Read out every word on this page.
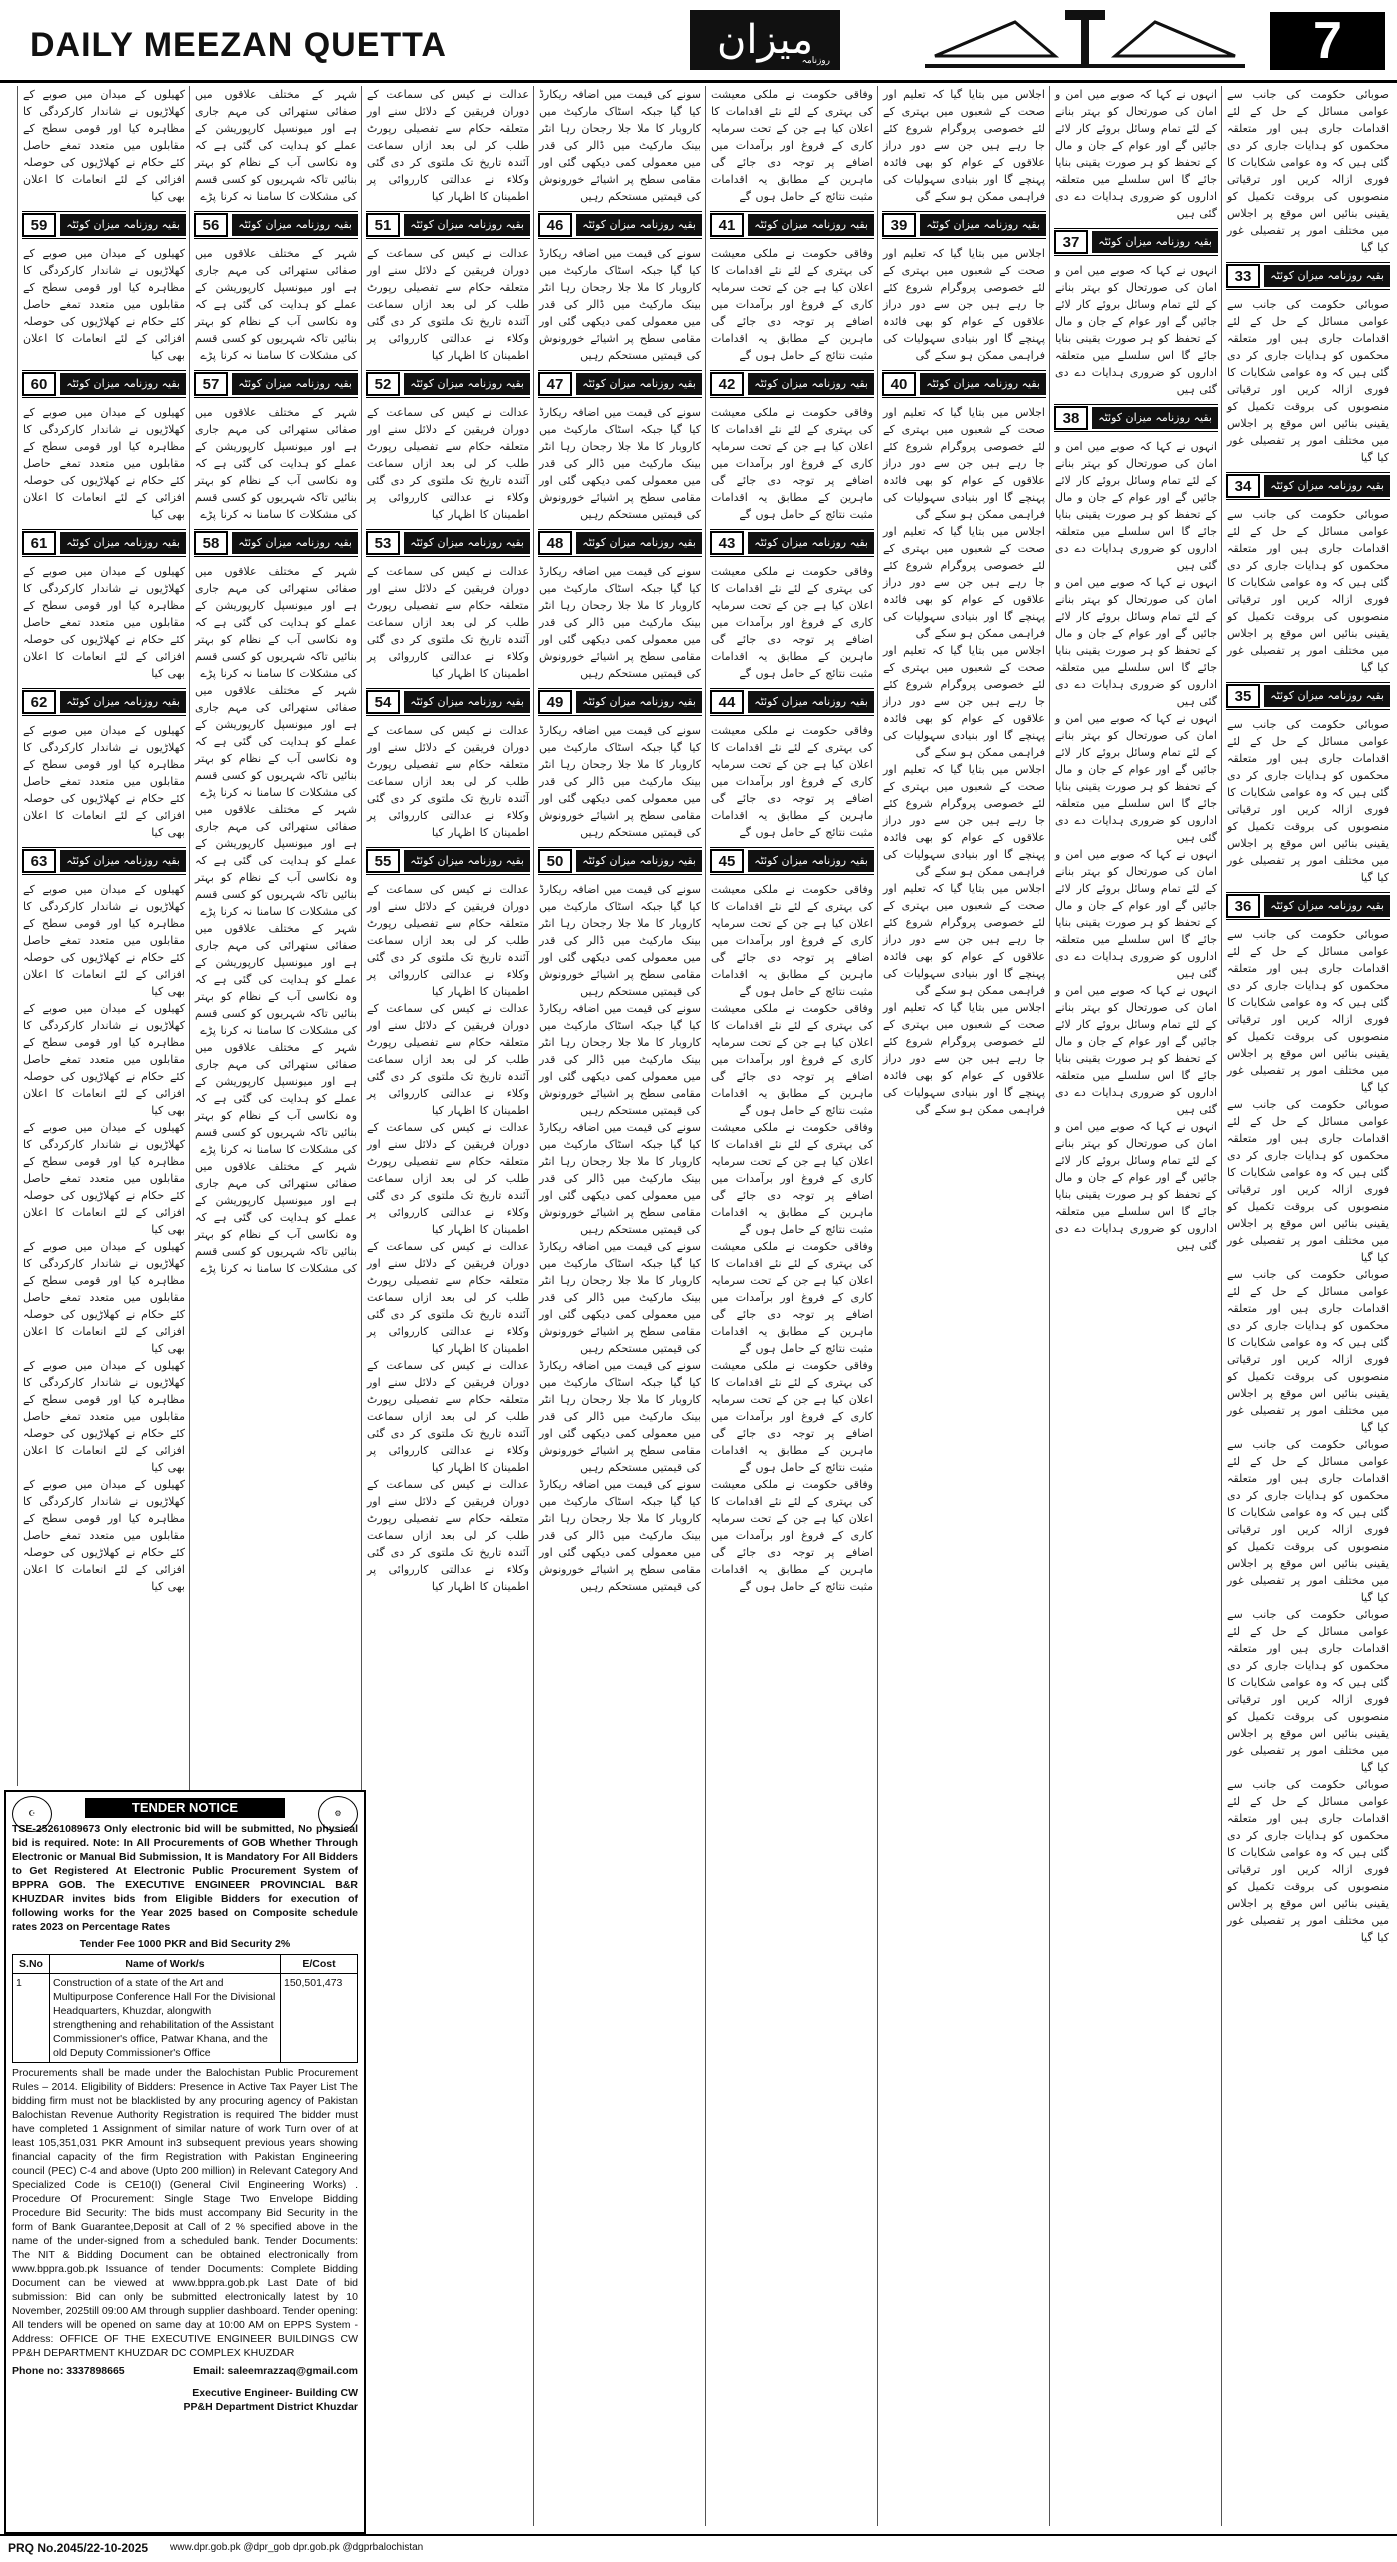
DAILY MEEZAN QUETTA	میزان
روزنامہ	7
صوبائی حکومت کی جانب سے عوامی مسائل کے حل کے لئے اقدامات جاری ہیں اور متعلقہ محکموں کو ہدایات جاری کر دی گئی ہیں کہ وہ عوامی شکایات کا فوری ازالہ کریں اور ترقیاتی منصوبوں کی بروقت تکمیل کو یقینی بنائیں اس موقع پر اجلاس میں مختلف امور پر تفصیلی غور کیا گیا
بقیہ روزنامہ میزان کوئٹہ
33
صوبائی حکومت کی جانب سے عوامی مسائل کے حل کے لئے اقدامات جاری ہیں اور متعلقہ محکموں کو ہدایات جاری کر دی گئی ہیں کہ وہ عوامی شکایات کا فوری ازالہ کریں اور ترقیاتی منصوبوں کی بروقت تکمیل کو یقینی بنائیں اس موقع پر اجلاس میں مختلف امور پر تفصیلی غور کیا گیا
بقیہ روزنامہ میزان کوئٹہ
34
صوبائی حکومت کی جانب سے عوامی مسائل کے حل کے لئے اقدامات جاری ہیں اور متعلقہ محکموں کو ہدایات جاری کر دی گئی ہیں کہ وہ عوامی شکایات کا فوری ازالہ کریں اور ترقیاتی منصوبوں کی بروقت تکمیل کو یقینی بنائیں اس موقع پر اجلاس میں مختلف امور پر تفصیلی غور کیا گیا
بقیہ روزنامہ میزان کوئٹہ
35
صوبائی حکومت کی جانب سے عوامی مسائل کے حل کے لئے اقدامات جاری ہیں اور متعلقہ محکموں کو ہدایات جاری کر دی گئی ہیں کہ وہ عوامی شکایات کا فوری ازالہ کریں اور ترقیاتی منصوبوں کی بروقت تکمیل کو یقینی بنائیں اس موقع پر اجلاس میں مختلف امور پر تفصیلی غور کیا گیا
بقیہ روزنامہ میزان کوئٹہ
36
صوبائی حکومت کی جانب سے عوامی مسائل کے حل کے لئے اقدامات جاری ہیں اور متعلقہ محکموں کو ہدایات جاری کر دی گئی ہیں کہ وہ عوامی شکایات کا فوری ازالہ کریں اور ترقیاتی منصوبوں کی بروقت تکمیل کو یقینی بنائیں اس موقع پر اجلاس میں مختلف امور پر تفصیلی غور کیا گیا
صوبائی حکومت کی جانب سے عوامی مسائل کے حل کے لئے اقدامات جاری ہیں اور متعلقہ محکموں کو ہدایات جاری کر دی گئی ہیں کہ وہ عوامی شکایات کا فوری ازالہ کریں اور ترقیاتی منصوبوں کی بروقت تکمیل کو یقینی بنائیں اس موقع پر اجلاس میں مختلف امور پر تفصیلی غور کیا گیا
صوبائی حکومت کی جانب سے عوامی مسائل کے حل کے لئے اقدامات جاری ہیں اور متعلقہ محکموں کو ہدایات جاری کر دی گئی ہیں کہ وہ عوامی شکایات کا فوری ازالہ کریں اور ترقیاتی منصوبوں کی بروقت تکمیل کو یقینی بنائیں اس موقع پر اجلاس میں مختلف امور پر تفصیلی غور کیا گیا
صوبائی حکومت کی جانب سے عوامی مسائل کے حل کے لئے اقدامات جاری ہیں اور متعلقہ محکموں کو ہدایات جاری کر دی گئی ہیں کہ وہ عوامی شکایات کا فوری ازالہ کریں اور ترقیاتی منصوبوں کی بروقت تکمیل کو یقینی بنائیں اس موقع پر اجلاس میں مختلف امور پر تفصیلی غور کیا گیا
صوبائی حکومت کی جانب سے عوامی مسائل کے حل کے لئے اقدامات جاری ہیں اور متعلقہ محکموں کو ہدایات جاری کر دی گئی ہیں کہ وہ عوامی شکایات کا فوری ازالہ کریں اور ترقیاتی منصوبوں کی بروقت تکمیل کو یقینی بنائیں اس موقع پر اجلاس میں مختلف امور پر تفصیلی غور کیا گیا
صوبائی حکومت کی جانب سے عوامی مسائل کے حل کے لئے اقدامات جاری ہیں اور متعلقہ محکموں کو ہدایات جاری کر دی گئی ہیں کہ وہ عوامی شکایات کا فوری ازالہ کریں اور ترقیاتی منصوبوں کی بروقت تکمیل کو یقینی بنائیں اس موقع پر اجلاس میں مختلف امور پر تفصیلی غور کیا گیا
انہوں نے کہا کہ صوبے میں امن و امان کی صورتحال کو بہتر بنانے کے لئے تمام وسائل بروئے کار لائے جائیں گے اور عوام کے جان و مال کے تحفظ کو ہر صورت یقینی بنایا جائے گا اس سلسلے میں متعلقہ اداروں کو ضروری ہدایات دے دی گئی ہیں
بقیہ روزنامہ میزان کوئٹہ
37
انہوں نے کہا کہ صوبے میں امن و امان کی صورتحال کو بہتر بنانے کے لئے تمام وسائل بروئے کار لائے جائیں گے اور عوام کے جان و مال کے تحفظ کو ہر صورت یقینی بنایا جائے گا اس سلسلے میں متعلقہ اداروں کو ضروری ہدایات دے دی گئی ہیں
بقیہ روزنامہ میزان کوئٹہ
38
انہوں نے کہا کہ صوبے میں امن و امان کی صورتحال کو بہتر بنانے کے لئے تمام وسائل بروئے کار لائے جائیں گے اور عوام کے جان و مال کے تحفظ کو ہر صورت یقینی بنایا جائے گا اس سلسلے میں متعلقہ اداروں کو ضروری ہدایات دے دی گئی ہیں
انہوں نے کہا کہ صوبے میں امن و امان کی صورتحال کو بہتر بنانے کے لئے تمام وسائل بروئے کار لائے جائیں گے اور عوام کے جان و مال کے تحفظ کو ہر صورت یقینی بنایا جائے گا اس سلسلے میں متعلقہ اداروں کو ضروری ہدایات دے دی گئی ہیں
انہوں نے کہا کہ صوبے میں امن و امان کی صورتحال کو بہتر بنانے کے لئے تمام وسائل بروئے کار لائے جائیں گے اور عوام کے جان و مال کے تحفظ کو ہر صورت یقینی بنایا جائے گا اس سلسلے میں متعلقہ اداروں کو ضروری ہدایات دے دی گئی ہیں
انہوں نے کہا کہ صوبے میں امن و امان کی صورتحال کو بہتر بنانے کے لئے تمام وسائل بروئے کار لائے جائیں گے اور عوام کے جان و مال کے تحفظ کو ہر صورت یقینی بنایا جائے گا اس سلسلے میں متعلقہ اداروں کو ضروری ہدایات دے دی گئی ہیں
انہوں نے کہا کہ صوبے میں امن و امان کی صورتحال کو بہتر بنانے کے لئے تمام وسائل بروئے کار لائے جائیں گے اور عوام کے جان و مال کے تحفظ کو ہر صورت یقینی بنایا جائے گا اس سلسلے میں متعلقہ اداروں کو ضروری ہدایات دے دی گئی ہیں
انہوں نے کہا کہ صوبے میں امن و امان کی صورتحال کو بہتر بنانے کے لئے تمام وسائل بروئے کار لائے جائیں گے اور عوام کے جان و مال کے تحفظ کو ہر صورت یقینی بنایا جائے گا اس سلسلے میں متعلقہ اداروں کو ضروری ہدایات دے دی گئی ہیں
اجلاس میں بتایا گیا کہ تعلیم اور صحت کے شعبوں میں بہتری کے لئے خصوصی پروگرام شروع کئے جا رہے ہیں جن سے دور دراز علاقوں کے عوام کو بھی فائدہ پہنچے گا اور بنیادی سہولیات کی فراہمی ممکن ہو سکے گی
بقیہ روزنامہ میزان کوئٹہ
39
اجلاس میں بتایا گیا کہ تعلیم اور صحت کے شعبوں میں بہتری کے لئے خصوصی پروگرام شروع کئے جا رہے ہیں جن سے دور دراز علاقوں کے عوام کو بھی فائدہ پہنچے گا اور بنیادی سہولیات کی فراہمی ممکن ہو سکے گی
بقیہ روزنامہ میزان کوئٹہ
40
اجلاس میں بتایا گیا کہ تعلیم اور صحت کے شعبوں میں بہتری کے لئے خصوصی پروگرام شروع کئے جا رہے ہیں جن سے دور دراز علاقوں کے عوام کو بھی فائدہ پہنچے گا اور بنیادی سہولیات کی فراہمی ممکن ہو سکے گی
اجلاس میں بتایا گیا کہ تعلیم اور صحت کے شعبوں میں بہتری کے لئے خصوصی پروگرام شروع کئے جا رہے ہیں جن سے دور دراز علاقوں کے عوام کو بھی فائدہ پہنچے گا اور بنیادی سہولیات کی فراہمی ممکن ہو سکے گی
اجلاس میں بتایا گیا کہ تعلیم اور صحت کے شعبوں میں بہتری کے لئے خصوصی پروگرام شروع کئے جا رہے ہیں جن سے دور دراز علاقوں کے عوام کو بھی فائدہ پہنچے گا اور بنیادی سہولیات کی فراہمی ممکن ہو سکے گی
اجلاس میں بتایا گیا کہ تعلیم اور صحت کے شعبوں میں بہتری کے لئے خصوصی پروگرام شروع کئے جا رہے ہیں جن سے دور دراز علاقوں کے عوام کو بھی فائدہ پہنچے گا اور بنیادی سہولیات کی فراہمی ممکن ہو سکے گی
اجلاس میں بتایا گیا کہ تعلیم اور صحت کے شعبوں میں بہتری کے لئے خصوصی پروگرام شروع کئے جا رہے ہیں جن سے دور دراز علاقوں کے عوام کو بھی فائدہ پہنچے گا اور بنیادی سہولیات کی فراہمی ممکن ہو سکے گی
اجلاس میں بتایا گیا کہ تعلیم اور صحت کے شعبوں میں بہتری کے لئے خصوصی پروگرام شروع کئے جا رہے ہیں جن سے دور دراز علاقوں کے عوام کو بھی فائدہ پہنچے گا اور بنیادی سہولیات کی فراہمی ممکن ہو سکے گی
وفاقی حکومت نے ملکی معیشت کی بہتری کے لئے نئے اقدامات کا اعلان کیا ہے جن کے تحت سرمایہ کاری کے فروغ اور برآمدات میں اضافے پر توجہ دی جائے گی ماہرین کے مطابق یہ اقدامات مثبت نتائج کے حامل ہوں گے
بقیہ روزنامہ میزان کوئٹہ
41
وفاقی حکومت نے ملکی معیشت کی بہتری کے لئے نئے اقدامات کا اعلان کیا ہے جن کے تحت سرمایہ کاری کے فروغ اور برآمدات میں اضافے پر توجہ دی جائے گی ماہرین کے مطابق یہ اقدامات مثبت نتائج کے حامل ہوں گے
بقیہ روزنامہ میزان کوئٹہ
42
وفاقی حکومت نے ملکی معیشت کی بہتری کے لئے نئے اقدامات کا اعلان کیا ہے جن کے تحت سرمایہ کاری کے فروغ اور برآمدات میں اضافے پر توجہ دی جائے گی ماہرین کے مطابق یہ اقدامات مثبت نتائج کے حامل ہوں گے
بقیہ روزنامہ میزان کوئٹہ
43
وفاقی حکومت نے ملکی معیشت کی بہتری کے لئے نئے اقدامات کا اعلان کیا ہے جن کے تحت سرمایہ کاری کے فروغ اور برآمدات میں اضافے پر توجہ دی جائے گی ماہرین کے مطابق یہ اقدامات مثبت نتائج کے حامل ہوں گے
بقیہ روزنامہ میزان کوئٹہ
44
وفاقی حکومت نے ملکی معیشت کی بہتری کے لئے نئے اقدامات کا اعلان کیا ہے جن کے تحت سرمایہ کاری کے فروغ اور برآمدات میں اضافے پر توجہ دی جائے گی ماہرین کے مطابق یہ اقدامات مثبت نتائج کے حامل ہوں گے
بقیہ روزنامہ میزان کوئٹہ
45
وفاقی حکومت نے ملکی معیشت کی بہتری کے لئے نئے اقدامات کا اعلان کیا ہے جن کے تحت سرمایہ کاری کے فروغ اور برآمدات میں اضافے پر توجہ دی جائے گی ماہرین کے مطابق یہ اقدامات مثبت نتائج کے حامل ہوں گے
وفاقی حکومت نے ملکی معیشت کی بہتری کے لئے نئے اقدامات کا اعلان کیا ہے جن کے تحت سرمایہ کاری کے فروغ اور برآمدات میں اضافے پر توجہ دی جائے گی ماہرین کے مطابق یہ اقدامات مثبت نتائج کے حامل ہوں گے
وفاقی حکومت نے ملکی معیشت کی بہتری کے لئے نئے اقدامات کا اعلان کیا ہے جن کے تحت سرمایہ کاری کے فروغ اور برآمدات میں اضافے پر توجہ دی جائے گی ماہرین کے مطابق یہ اقدامات مثبت نتائج کے حامل ہوں گے
وفاقی حکومت نے ملکی معیشت کی بہتری کے لئے نئے اقدامات کا اعلان کیا ہے جن کے تحت سرمایہ کاری کے فروغ اور برآمدات میں اضافے پر توجہ دی جائے گی ماہرین کے مطابق یہ اقدامات مثبت نتائج کے حامل ہوں گے
وفاقی حکومت نے ملکی معیشت کی بہتری کے لئے نئے اقدامات کا اعلان کیا ہے جن کے تحت سرمایہ کاری کے فروغ اور برآمدات میں اضافے پر توجہ دی جائے گی ماہرین کے مطابق یہ اقدامات مثبت نتائج کے حامل ہوں گے
وفاقی حکومت نے ملکی معیشت کی بہتری کے لئے نئے اقدامات کا اعلان کیا ہے جن کے تحت سرمایہ کاری کے فروغ اور برآمدات میں اضافے پر توجہ دی جائے گی ماہرین کے مطابق یہ اقدامات مثبت نتائج کے حامل ہوں گے
سونے کی قیمت میں اضافہ ریکارڈ کیا گیا جبکہ اسٹاک مارکیٹ میں کاروبار کا ملا جلا رجحان رہا انٹر بینک مارکیٹ میں ڈالر کی قدر میں معمولی کمی دیکھی گئی اور مقامی سطح پر اشیائے خورونوش کی قیمتیں مستحکم رہیں
بقیہ روزنامہ میزان کوئٹہ
46
سونے کی قیمت میں اضافہ ریکارڈ کیا گیا جبکہ اسٹاک مارکیٹ میں کاروبار کا ملا جلا رجحان رہا انٹر بینک مارکیٹ میں ڈالر کی قدر میں معمولی کمی دیکھی گئی اور مقامی سطح پر اشیائے خورونوش کی قیمتیں مستحکم رہیں
بقیہ روزنامہ میزان کوئٹہ
47
سونے کی قیمت میں اضافہ ریکارڈ کیا گیا جبکہ اسٹاک مارکیٹ میں کاروبار کا ملا جلا رجحان رہا انٹر بینک مارکیٹ میں ڈالر کی قدر میں معمولی کمی دیکھی گئی اور مقامی سطح پر اشیائے خورونوش کی قیمتیں مستحکم رہیں
بقیہ روزنامہ میزان کوئٹہ
48
سونے کی قیمت میں اضافہ ریکارڈ کیا گیا جبکہ اسٹاک مارکیٹ میں کاروبار کا ملا جلا رجحان رہا انٹر بینک مارکیٹ میں ڈالر کی قدر میں معمولی کمی دیکھی گئی اور مقامی سطح پر اشیائے خورونوش کی قیمتیں مستحکم رہیں
بقیہ روزنامہ میزان کوئٹہ
49
سونے کی قیمت میں اضافہ ریکارڈ کیا گیا جبکہ اسٹاک مارکیٹ میں کاروبار کا ملا جلا رجحان رہا انٹر بینک مارکیٹ میں ڈالر کی قدر میں معمولی کمی دیکھی گئی اور مقامی سطح پر اشیائے خورونوش کی قیمتیں مستحکم رہیں
بقیہ روزنامہ میزان کوئٹہ
50
سونے کی قیمت میں اضافہ ریکارڈ کیا گیا جبکہ اسٹاک مارکیٹ میں کاروبار کا ملا جلا رجحان رہا انٹر بینک مارکیٹ میں ڈالر کی قدر میں معمولی کمی دیکھی گئی اور مقامی سطح پر اشیائے خورونوش کی قیمتیں مستحکم رہیں
سونے کی قیمت میں اضافہ ریکارڈ کیا گیا جبکہ اسٹاک مارکیٹ میں کاروبار کا ملا جلا رجحان رہا انٹر بینک مارکیٹ میں ڈالر کی قدر میں معمولی کمی دیکھی گئی اور مقامی سطح پر اشیائے خورونوش کی قیمتیں مستحکم رہیں
سونے کی قیمت میں اضافہ ریکارڈ کیا گیا جبکہ اسٹاک مارکیٹ میں کاروبار کا ملا جلا رجحان رہا انٹر بینک مارکیٹ میں ڈالر کی قدر میں معمولی کمی دیکھی گئی اور مقامی سطح پر اشیائے خورونوش کی قیمتیں مستحکم رہیں
سونے کی قیمت میں اضافہ ریکارڈ کیا گیا جبکہ اسٹاک مارکیٹ میں کاروبار کا ملا جلا رجحان رہا انٹر بینک مارکیٹ میں ڈالر کی قدر میں معمولی کمی دیکھی گئی اور مقامی سطح پر اشیائے خورونوش کی قیمتیں مستحکم رہیں
سونے کی قیمت میں اضافہ ریکارڈ کیا گیا جبکہ اسٹاک مارکیٹ میں کاروبار کا ملا جلا رجحان رہا انٹر بینک مارکیٹ میں ڈالر کی قدر میں معمولی کمی دیکھی گئی اور مقامی سطح پر اشیائے خورونوش کی قیمتیں مستحکم رہیں
سونے کی قیمت میں اضافہ ریکارڈ کیا گیا جبکہ اسٹاک مارکیٹ میں کاروبار کا ملا جلا رجحان رہا انٹر بینک مارکیٹ میں ڈالر کی قدر میں معمولی کمی دیکھی گئی اور مقامی سطح پر اشیائے خورونوش کی قیمتیں مستحکم رہیں
عدالت نے کیس کی سماعت کے دوران فریقین کے دلائل سنے اور متعلقہ حکام سے تفصیلی رپورٹ طلب کر لی بعد ازاں سماعت آئندہ تاریخ تک ملتوی کر دی گئی وکلاء نے عدالتی کارروائی پر اطمینان کا اظہار کیا
بقیہ روزنامہ میزان کوئٹہ
51
عدالت نے کیس کی سماعت کے دوران فریقین کے دلائل سنے اور متعلقہ حکام سے تفصیلی رپورٹ طلب کر لی بعد ازاں سماعت آئندہ تاریخ تک ملتوی کر دی گئی وکلاء نے عدالتی کارروائی پر اطمینان کا اظہار کیا
بقیہ روزنامہ میزان کوئٹہ
52
عدالت نے کیس کی سماعت کے دوران فریقین کے دلائل سنے اور متعلقہ حکام سے تفصیلی رپورٹ طلب کر لی بعد ازاں سماعت آئندہ تاریخ تک ملتوی کر دی گئی وکلاء نے عدالتی کارروائی پر اطمینان کا اظہار کیا
بقیہ روزنامہ میزان کوئٹہ
53
عدالت نے کیس کی سماعت کے دوران فریقین کے دلائل سنے اور متعلقہ حکام سے تفصیلی رپورٹ طلب کر لی بعد ازاں سماعت آئندہ تاریخ تک ملتوی کر دی گئی وکلاء نے عدالتی کارروائی پر اطمینان کا اظہار کیا
بقیہ روزنامہ میزان کوئٹہ
54
عدالت نے کیس کی سماعت کے دوران فریقین کے دلائل سنے اور متعلقہ حکام سے تفصیلی رپورٹ طلب کر لی بعد ازاں سماعت آئندہ تاریخ تک ملتوی کر دی گئی وکلاء نے عدالتی کارروائی پر اطمینان کا اظہار کیا
بقیہ روزنامہ میزان کوئٹہ
55
عدالت نے کیس کی سماعت کے دوران فریقین کے دلائل سنے اور متعلقہ حکام سے تفصیلی رپورٹ طلب کر لی بعد ازاں سماعت آئندہ تاریخ تک ملتوی کر دی گئی وکلاء نے عدالتی کارروائی پر اطمینان کا اظہار کیا
عدالت نے کیس کی سماعت کے دوران فریقین کے دلائل سنے اور متعلقہ حکام سے تفصیلی رپورٹ طلب کر لی بعد ازاں سماعت آئندہ تاریخ تک ملتوی کر دی گئی وکلاء نے عدالتی کارروائی پر اطمینان کا اظہار کیا
عدالت نے کیس کی سماعت کے دوران فریقین کے دلائل سنے اور متعلقہ حکام سے تفصیلی رپورٹ طلب کر لی بعد ازاں سماعت آئندہ تاریخ تک ملتوی کر دی گئی وکلاء نے عدالتی کارروائی پر اطمینان کا اظہار کیا
عدالت نے کیس کی سماعت کے دوران فریقین کے دلائل سنے اور متعلقہ حکام سے تفصیلی رپورٹ طلب کر لی بعد ازاں سماعت آئندہ تاریخ تک ملتوی کر دی گئی وکلاء نے عدالتی کارروائی پر اطمینان کا اظہار کیا
عدالت نے کیس کی سماعت کے دوران فریقین کے دلائل سنے اور متعلقہ حکام سے تفصیلی رپورٹ طلب کر لی بعد ازاں سماعت آئندہ تاریخ تک ملتوی کر دی گئی وکلاء نے عدالتی کارروائی پر اطمینان کا اظہار کیا
عدالت نے کیس کی سماعت کے دوران فریقین کے دلائل سنے اور متعلقہ حکام سے تفصیلی رپورٹ طلب کر لی بعد ازاں سماعت آئندہ تاریخ تک ملتوی کر دی گئی وکلاء نے عدالتی کارروائی پر اطمینان کا اظہار کیا
شہر کے مختلف علاقوں میں صفائی ستھرائی کی مہم جاری ہے اور میونسپل کارپوریشن کے عملے کو ہدایت کی گئی ہے کہ وہ نکاسی آب کے نظام کو بہتر بنائیں تاکہ شہریوں کو کسی قسم کی مشکلات کا سامنا نہ کرنا پڑے
بقیہ روزنامہ میزان کوئٹہ
56
شہر کے مختلف علاقوں میں صفائی ستھرائی کی مہم جاری ہے اور میونسپل کارپوریشن کے عملے کو ہدایت کی گئی ہے کہ وہ نکاسی آب کے نظام کو بہتر بنائیں تاکہ شہریوں کو کسی قسم کی مشکلات کا سامنا نہ کرنا پڑے
بقیہ روزنامہ میزان کوئٹہ
57
شہر کے مختلف علاقوں میں صفائی ستھرائی کی مہم جاری ہے اور میونسپل کارپوریشن کے عملے کو ہدایت کی گئی ہے کہ وہ نکاسی آب کے نظام کو بہتر بنائیں تاکہ شہریوں کو کسی قسم کی مشکلات کا سامنا نہ کرنا پڑے
بقیہ روزنامہ میزان کوئٹہ
58
شہر کے مختلف علاقوں میں صفائی ستھرائی کی مہم جاری ہے اور میونسپل کارپوریشن کے عملے کو ہدایت کی گئی ہے کہ وہ نکاسی آب کے نظام کو بہتر بنائیں تاکہ شہریوں کو کسی قسم کی مشکلات کا سامنا نہ کرنا پڑے
شہر کے مختلف علاقوں میں صفائی ستھرائی کی مہم جاری ہے اور میونسپل کارپوریشن کے عملے کو ہدایت کی گئی ہے کہ وہ نکاسی آب کے نظام کو بہتر بنائیں تاکہ شہریوں کو کسی قسم کی مشکلات کا سامنا نہ کرنا پڑے
شہر کے مختلف علاقوں میں صفائی ستھرائی کی مہم جاری ہے اور میونسپل کارپوریشن کے عملے کو ہدایت کی گئی ہے کہ وہ نکاسی آب کے نظام کو بہتر بنائیں تاکہ شہریوں کو کسی قسم کی مشکلات کا سامنا نہ کرنا پڑے
شہر کے مختلف علاقوں میں صفائی ستھرائی کی مہم جاری ہے اور میونسپل کارپوریشن کے عملے کو ہدایت کی گئی ہے کہ وہ نکاسی آب کے نظام کو بہتر بنائیں تاکہ شہریوں کو کسی قسم کی مشکلات کا سامنا نہ کرنا پڑے
شہر کے مختلف علاقوں میں صفائی ستھرائی کی مہم جاری ہے اور میونسپل کارپوریشن کے عملے کو ہدایت کی گئی ہے کہ وہ نکاسی آب کے نظام کو بہتر بنائیں تاکہ شہریوں کو کسی قسم کی مشکلات کا سامنا نہ کرنا پڑے
شہر کے مختلف علاقوں میں صفائی ستھرائی کی مہم جاری ہے اور میونسپل کارپوریشن کے عملے کو ہدایت کی گئی ہے کہ وہ نکاسی آب کے نظام کو بہتر بنائیں تاکہ شہریوں کو کسی قسم کی مشکلات کا سامنا نہ کرنا پڑے
کھیلوں کے میدان میں صوبے کے کھلاڑیوں نے شاندار کارکردگی کا مظاہرہ کیا اور قومی سطح کے مقابلوں میں متعدد تمغے حاصل کئے حکام نے کھلاڑیوں کی حوصلہ افزائی کے لئے انعامات کا اعلان بھی کیا
بقیہ روزنامہ میزان کوئٹہ
59
کھیلوں کے میدان میں صوبے کے کھلاڑیوں نے شاندار کارکردگی کا مظاہرہ کیا اور قومی سطح کے مقابلوں میں متعدد تمغے حاصل کئے حکام نے کھلاڑیوں کی حوصلہ افزائی کے لئے انعامات کا اعلان بھی کیا
بقیہ روزنامہ میزان کوئٹہ
60
کھیلوں کے میدان میں صوبے کے کھلاڑیوں نے شاندار کارکردگی کا مظاہرہ کیا اور قومی سطح کے مقابلوں میں متعدد تمغے حاصل کئے حکام نے کھلاڑیوں کی حوصلہ افزائی کے لئے انعامات کا اعلان بھی کیا
بقیہ روزنامہ میزان کوئٹہ
61
کھیلوں کے میدان میں صوبے کے کھلاڑیوں نے شاندار کارکردگی کا مظاہرہ کیا اور قومی سطح کے مقابلوں میں متعدد تمغے حاصل کئے حکام نے کھلاڑیوں کی حوصلہ افزائی کے لئے انعامات کا اعلان بھی کیا
بقیہ روزنامہ میزان کوئٹہ
62
کھیلوں کے میدان میں صوبے کے کھلاڑیوں نے شاندار کارکردگی کا مظاہرہ کیا اور قومی سطح کے مقابلوں میں متعدد تمغے حاصل کئے حکام نے کھلاڑیوں کی حوصلہ افزائی کے لئے انعامات کا اعلان بھی کیا
بقیہ روزنامہ میزان کوئٹہ
63
کھیلوں کے میدان میں صوبے کے کھلاڑیوں نے شاندار کارکردگی کا مظاہرہ کیا اور قومی سطح کے مقابلوں میں متعدد تمغے حاصل کئے حکام نے کھلاڑیوں کی حوصلہ افزائی کے لئے انعامات کا اعلان بھی کیا
کھیلوں کے میدان میں صوبے کے کھلاڑیوں نے شاندار کارکردگی کا مظاہرہ کیا اور قومی سطح کے مقابلوں میں متعدد تمغے حاصل کئے حکام نے کھلاڑیوں کی حوصلہ افزائی کے لئے انعامات کا اعلان بھی کیا
کھیلوں کے میدان میں صوبے کے کھلاڑیوں نے شاندار کارکردگی کا مظاہرہ کیا اور قومی سطح کے مقابلوں میں متعدد تمغے حاصل کئے حکام نے کھلاڑیوں کی حوصلہ افزائی کے لئے انعامات کا اعلان بھی کیا
کھیلوں کے میدان میں صوبے کے کھلاڑیوں نے شاندار کارکردگی کا مظاہرہ کیا اور قومی سطح کے مقابلوں میں متعدد تمغے حاصل کئے حکام نے کھلاڑیوں کی حوصلہ افزائی کے لئے انعامات کا اعلان بھی کیا
کھیلوں کے میدان میں صوبے کے کھلاڑیوں نے شاندار کارکردگی کا مظاہرہ کیا اور قومی سطح کے مقابلوں میں متعدد تمغے حاصل کئے حکام نے کھلاڑیوں کی حوصلہ افزائی کے لئے انعامات کا اعلان بھی کیا
کھیلوں کے میدان میں صوبے کے کھلاڑیوں نے شاندار کارکردگی کا مظاہرہ کیا اور قومی سطح کے مقابلوں میں متعدد تمغے حاصل کئے حکام نے کھلاڑیوں کی حوصلہ افزائی کے لئے انعامات کا اعلان بھی کیا
☪	⚙
TENDER NOTICE

TSE-25261089673 Only electronic bid will be submitted, No physical bid is required. Note: In All Procurements of GOB Whether Through Electronic or Manual Bid Submission, It is Mandatory For All Bidders to Get Registered At Electronic Public Procurement System of BPPRA GOB. The EXECUTIVE ENGINEER PROVINCIAL B&R KHUZDAR invites bids from Eligible Bidders for execution of following works for the Year 2025 based on Composite schedule rates 2023 on Percentage Rates

Tender Fee 1000 PKR and Bid Security 2%

S.No	Name of Work/s	E/Cost
1	Construction of a state of the Art and Multipurpose Conference Hall For the Divisional Headquarters, Khuzdar, alongwith strengthening and rehabilitation of the Assistant Commissioner's office, Patwar Khana, and the old Deputy Commissioner's Office	150,501,473

Procurements shall be made under the Balochistan Public Procurement Rules – 2014. Eligibility of Bidders: Presence in Active Tax Payer List The bidding firm must not be blacklisted by any procuring agency of Pakistan Balochistan Revenue Authority Registration is required The bidder must have completed 1 Assignment of similar nature of work Turn over of at least 105,351,031 PKR Amount in3 subsequent previous years showing financial capacity of the firm Registration with Pakistan Engineering council (PEC) C-4 and above (Upto 200 million) in Relevant Category And Specialized Code is CE10(I) (General Civil Engineering Works) . Procedure Of Procurement: Single Stage Two Envelope Bidding Procedure Bid Security: The bids must accompany Bid Security in the form of Bank Guarantee,Deposit at Call of 2 % specified above in the name of the under-signed from a scheduled bank. Tender Documents: The NIT & Bidding Document can be obtained electronically from www.bppra.gob.pk Issuance of tender Documents: Complete Bidding Document can be viewed at www.bppra.gob.pk Last Date of bid submission: Bid can only be submitted electronically latest by 10 November, 2025till 09:00 AM through supplier dashboard. Tender opening: All tenders will be opened on same day at 10:00 AM on EPPS System -Address: OFFICE OF THE EXECUTIVE ENGINEER BUILDINGS CW PP&H DEPARTMENT KHUZDAR DC COMPLEX KHUZDAR

Phone no: 3337898665	Email: saleemrazzaq@gmail.com
Executive Engineer- Building CW PP&H Department District Khuzdar
PRQ No.2045/22-10-2025 www.dpr.gob.pk @dpr_gob dpr.gob.pk @dgprbalochistan
